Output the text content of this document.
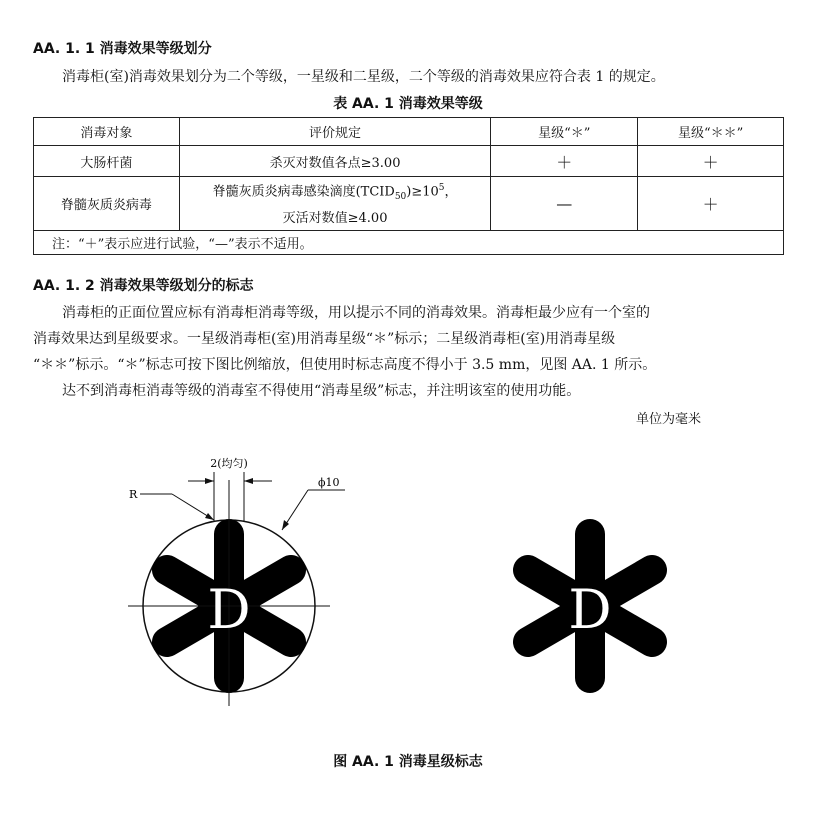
AA. 1. 1 消毒效果等级划分
消毒柜(室)消毒效果划分为二个等级，一星级和二星级，二个等级的消毒效果应符合表 1 的规定。
表 AA. 1 消毒效果等级
消毒对象	评价规定	星级“＊”	星级“＊＊”
大肠杆菌	杀灭对数值各点≥3.00	＋	＋
脊髓灰质炎病毒	脊髓灰质炎病毒感染滴度$(TCID_{50})\ge 10^5$，
灭活对数值≥4.00	—	＋
注：“＋”表示应进行试验，“—”表示不适用。			
AA. 1. 2 消毒效果等级划分的标志
消毒柜的正面位置应标有消毒柜消毒等级，用以提示不同的消毒效果。消毒柜最少应有一个室的
消毒效果达到星级要求。一星级消毒柜(室)用消毒星级“＊”标示；二星级消毒柜(室)用消毒星级
“＊＊”标示。“＊”标志可按下图比例缩放，但使用时标志高度不得小于 3.5 mm，见图 AA. 1 所示。
达不到消毒柜消毒等级的消毒室不得使用“消毒星级”标志，并注明该室的使用功能。
单位为毫米
2(均匀)
ϕ10
R
D	D
图 AA. 1 消毒星级标志
